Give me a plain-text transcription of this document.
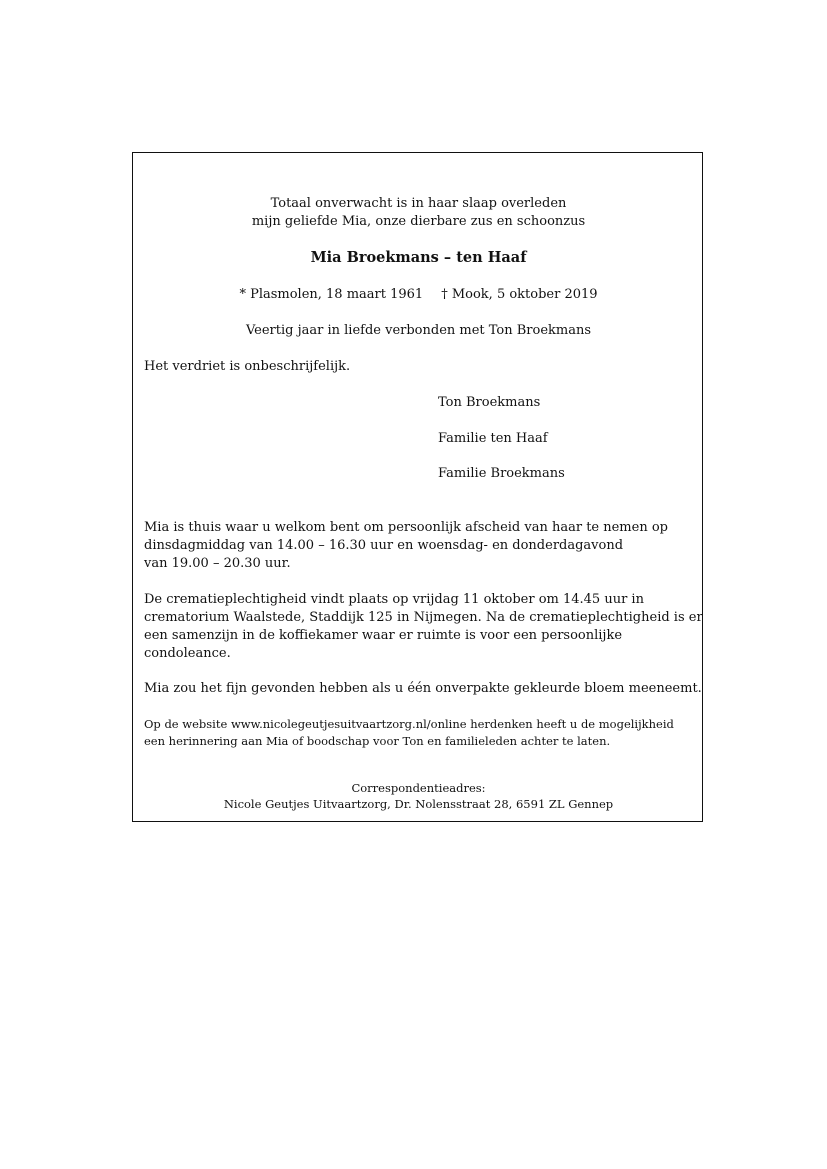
Totaal onverwacht is in haar slaap overleden
mijn geliefde Mia, onze dierbare zus en schoonzus
Mia Broekmans – ten Haaf
* Plasmolen, 18 maart 1961 † Mook, 5 oktober 2019
Veertig jaar in liefde verbonden met Ton Broekmans
Het verdriet is onbeschrijfelijk.
Ton Broekmans
Familie ten Haaf
Familie Broekmans
Mia is thuis waar u welkom bent om persoonlijk afscheid van haar te nemen op
dinsdagmiddag van 14.00 – 16.30 uur en woensdag- en donderdagavond
van 19.00 – 20.30 uur.
De crematieplechtigheid vindt plaats op vrijdag 11 oktober om 14.45 uur in
crematorium Waalstede, Staddijk 125 in Nijmegen. Na de crematieplechtigheid is er
een samenzijn in de koffiekamer waar er ruimte is voor een persoonlijke
condoleance.
Mia zou het fijn gevonden hebben als u één onverpakte gekleurde bloem meeneemt.
Op de website www.nicolegeutjesuitvaartzorg.nl/online herdenken heeft u de mogelijkheid
een herinnering aan Mia of boodschap voor Ton en familieleden achter te laten.
Correspondentieadres:
Nicole Geutjes Uitvaartzorg, Dr. Nolensstraat 28, 6591 ZL Gennep
